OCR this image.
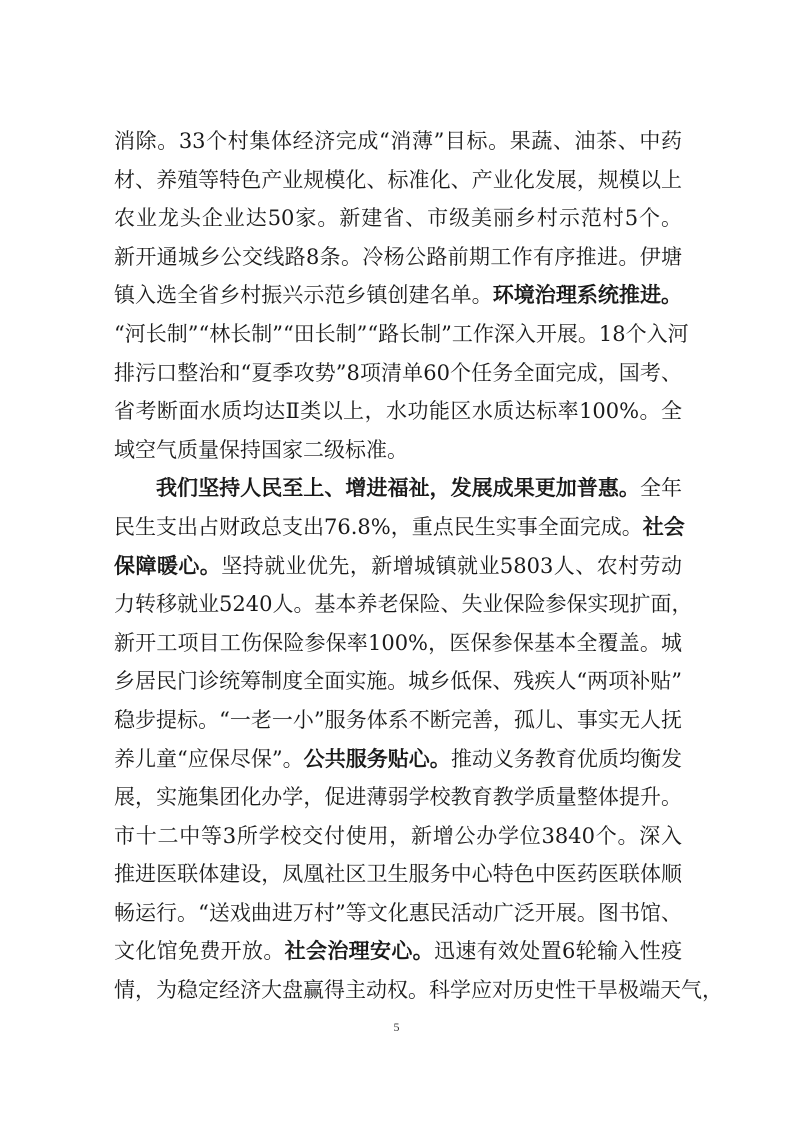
消除。33个村集体经济完成“消薄”目标。果蔬、油茶、中药
材、养殖等特色产业规模化、标准化、产业化发展，规模以上
农业龙头企业达50家。新建省、市级美丽乡村示范村5个。
新开通城乡公交线路8条。冷杨公路前期工作有序推进。伊塘
镇入选全省乡村振兴示范乡镇创建名单。环境治理系统推进。
“河长制”“林长制”“田长制”“路长制”工作深入开展。18个入河
排污口整治和“夏季攻势”8项清单60个任务全面完成，国考、
省考断面水质均达Ⅱ类以上，水功能区水质达标率100%。全
域空气质量保持国家二级标准。
我们坚持人民至上、增进福祉，发展成果更加普惠。全年
民生支出占财政总支出76.8%，重点民生实事全面完成。社会
保障暖心。坚持就业优先，新增城镇就业5803人、农村劳动
力转移就业5240人。基本养老保险、失业保险参保实现扩面，
新开工项目工伤保险参保率100%，医保参保基本全覆盖。城
乡居民门诊统筹制度全面实施。城乡低保、残疾人“两项补贴”
稳步提标。“一老一小”服务体系不断完善，孤儿、事实无人抚
养儿童“应保尽保”。公共服务贴心。推动义务教育优质均衡发
展，实施集团化办学，促进薄弱学校教育教学质量整体提升。
市十二中等3所学校交付使用，新增公办学位3840个。深入
推进医联体建设，凤凰社区卫生服务中心特色中医药医联体顺
畅运行。“送戏曲进万村”等文化惠民活动广泛开展。图书馆、
文化馆免费开放。社会治理安心。迅速有效处置6轮输入性疫
情，为稳定经济大盘赢得主动权。科学应对历史性干旱极端天气，
5
